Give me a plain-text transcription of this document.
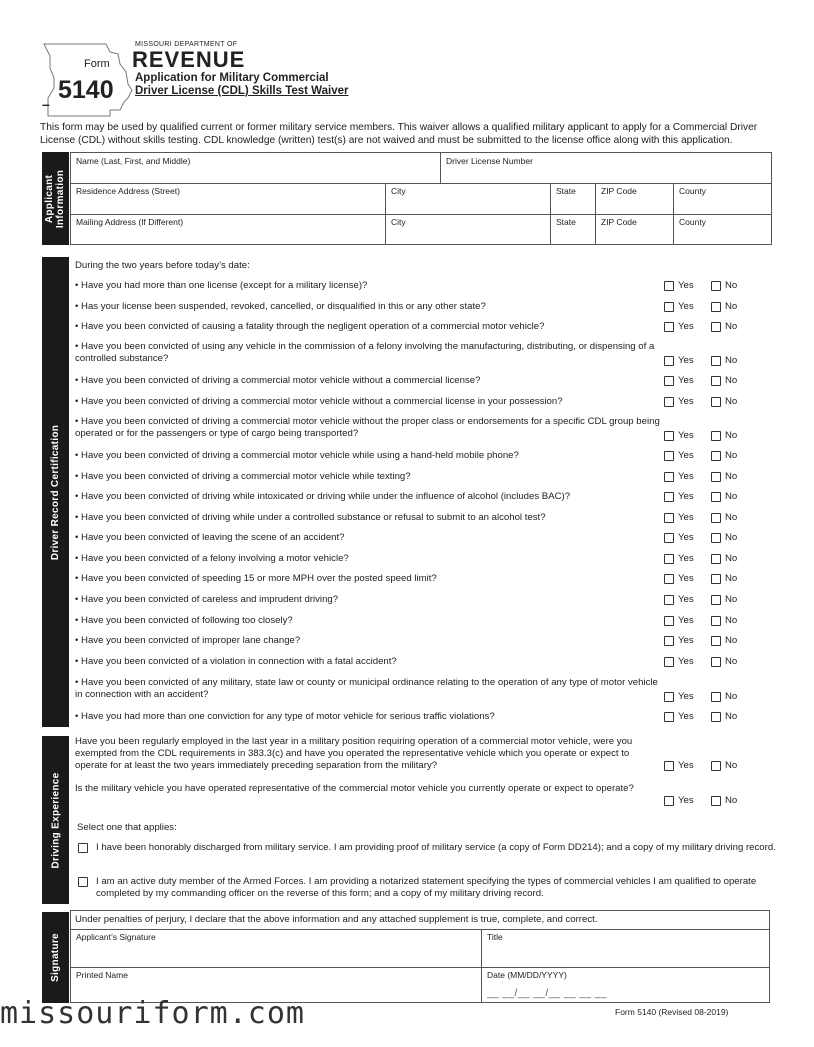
Form
5140
–
MISSOURI DEPARTMENT OF
REVENUE
Application for Military Commercial
Driver License (CDL) Skills Test Waiver
This form may be used by qualified current or former military service members. This waiver allows a qualified military applicant to apply for a Commercial Driver License (CDL) without skills testing. CDL knowledge (written) test(s) are not waived and must be submitted to the license office along with this application.
Applicant
Information
Name (Last, First, and Middle)	Driver License Number
Residence Address (Street)	City	State	ZIP Code	County
Mailing Address (If Different)	City	State	ZIP Code	County
Driver Record Certification
During the two years before today’s date:
• Have you had more than one license (except for a military license)?	Yes	No
• Has your license been suspended, revoked, cancelled, or disqualified in this or any other state?	Yes	No
• Have you been convicted of causing a fatality through the negligent operation of a commercial motor vehicle?	Yes	No
• Have you been convicted of using any vehicle in the commission of a felony involving the manufacturing, distributing, or dispensing of a controlled substance?	Yes	No
• Have you been convicted of driving a commercial motor vehicle without a commercial license?	Yes	No
• Have you been convicted of driving a commercial motor vehicle without a commercial license in your possession?	Yes	No
• Have you been convicted of driving a commercial motor vehicle without the proper class or endorsements for a specific CDL group being operated or for the passengers or type of cargo being transported?	Yes	No
• Have you been convicted of driving a commercial motor vehicle while using a hand-held mobile phone?	Yes	No
• Have you been convicted of driving a commercial motor vehicle while texting?	Yes	No
• Have you been convicted of driving while intoxicated or driving while under the influence of alcohol (includes BAC)?	Yes	No
• Have you been convicted of driving while under a controlled substance or refusal to submit to an alcohol test?	Yes	No
• Have you been convicted of leaving the scene of an accident?	Yes	No
• Have you been convicted of a felony involving a motor vehicle?	Yes	No
• Have you been convicted of speeding 15 or more MPH over the posted speed limit?	Yes	No
• Have you been convicted of careless and imprudent driving?	Yes	No
• Have you been convicted of following too closely?	Yes	No
• Have you been convicted of improper lane change?	Yes	No
• Have you been convicted of a violation in connection with a fatal accident?	Yes	No
• Have you been convicted of any military, state law or county or municipal ordinance relating to the operation of any type of motor vehicle in connection with an accident?	Yes	No
• Have you had more than one conviction for any type of motor vehicle for serious traffic violations?	Yes	No
Driving Experience
Have you been regularly employed in the last year in a military position requiring operation of a commercial motor vehicle, were you exempted from the CDL requirements in 383.3(c) and have you operated the representative vehicle which you operate or expect to operate for at least the two years immediately preceding separation from the military?	Yes	No
Is the military vehicle you have operated representative of the commercial motor vehicle you currently operate or expect to operate?
Yes	No
Select one that applies:
I have been honorably discharged from military service. I am providing proof of military service (a copy of Form DD214); and a copy of my military driving record.
I am an active duty member of the Armed Forces. I am providing a notarized statement specifying the types of commercial vehicles I am qualified to operate completed by my commanding officer on the reverse of this form; and a copy of my military driving record.
Signature
Under penalties of perjury, I declare that the above information and any attached supplement is true, complete, and correct.
Applicant’s Signature	Title
Printed Name	Date (MM/DD/YYYY)
__ __/__ __/__ __ __ __
missouriform.com	Form 5140 (Revised 08-2019)
